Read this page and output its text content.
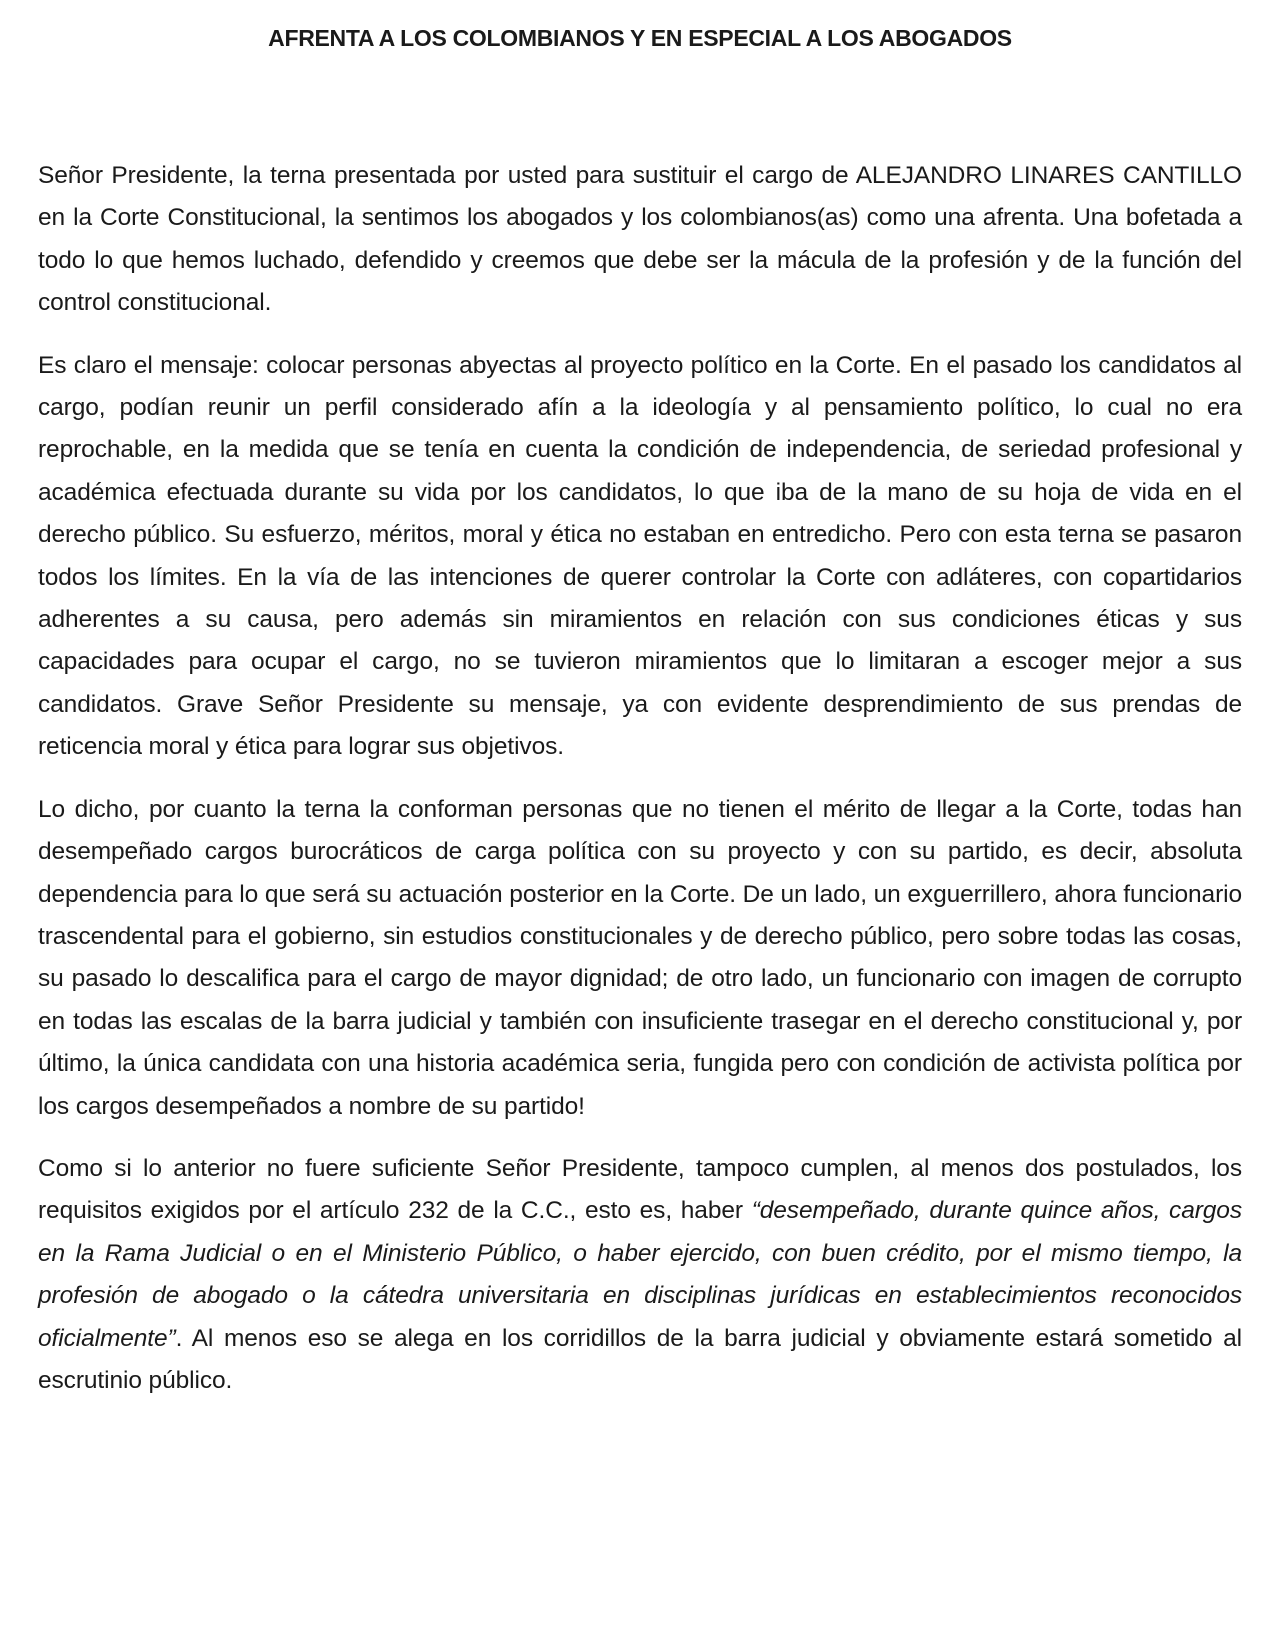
AFRENTA A LOS COLOMBIANOS Y EN ESPECIAL A LOS ABOGADOS

Señor Presidente, la terna presentada por usted para sustituir el cargo de ALEJANDRO LINARES CANTILLO en la Corte Constitucional, la sentimos los abogados y los colombianos(as) como una afrenta. Una bofetada a todo lo que hemos luchado, defendido y creemos que debe ser la mácula de la profesión y de la función del control constitucional.

Es claro el mensaje: colocar personas abyectas al proyecto político en la Corte. En el pasado los candidatos al cargo, podían reunir un perfil considerado afín a la ideología y al pensamiento político, lo cual no era reprochable, en la medida que se tenía en cuenta la condición de independencia, de seriedad profesional y académica efectuada durante su vida por los candidatos, lo que iba de la mano de su hoja de vida en el derecho público. Su esfuerzo, méritos, moral y ética no estaban en entredicho. Pero con esta terna se pasaron todos los límites. En la vía de las intenciones de querer controlar la Corte con adláteres, con copartidarios adherentes a su causa, pero además sin miramientos en relación con sus condiciones éticas y sus capacidades para ocupar el cargo, no se tuvieron miramientos que lo limitaran a escoger mejor a sus candidatos. Grave Señor Presidente su mensaje, ya con evidente desprendimiento de sus prendas de reticencia moral y ética para lograr sus objetivos.

Lo dicho, por cuanto la terna la conforman personas que no tienen el mérito de llegar a la Corte, todas han desempeñado cargos burocráticos de carga política con su proyecto y con su partido, es decir, absoluta dependencia para lo que será su actuación posterior en la Corte. De un lado, un exguerrillero, ahora funcionario trascendental para el gobierno, sin estudios constitucionales y de derecho público, pero sobre todas las cosas, su pasado lo descalifica para el cargo de mayor dignidad; de otro lado, un funcionario con imagen de corrupto en todas las escalas de la barra judicial y también con insuficiente trasegar en el derecho constitucional y, por último, la única candidata con una historia académica seria, fungida pero con condición de activista política por los cargos desempeñados a nombre de su partido!

Como si lo anterior no fuere suficiente Señor Presidente, tampoco cumplen, al menos dos postulados, los requisitos exigidos por el artículo 232 de la C.C., esto es, haber “desempeñado, durante quince años, cargos en la Rama Judicial o en el Ministerio Público, o haber ejercido, con buen crédito, por el mismo tiempo, la profesión de abogado o la cátedra universitaria en disciplinas jurídicas en establecimientos reconocidos oficialmente”. Al menos eso se alega en los corridillos de la barra judicial y obviamente estará sometido al escrutinio público.
